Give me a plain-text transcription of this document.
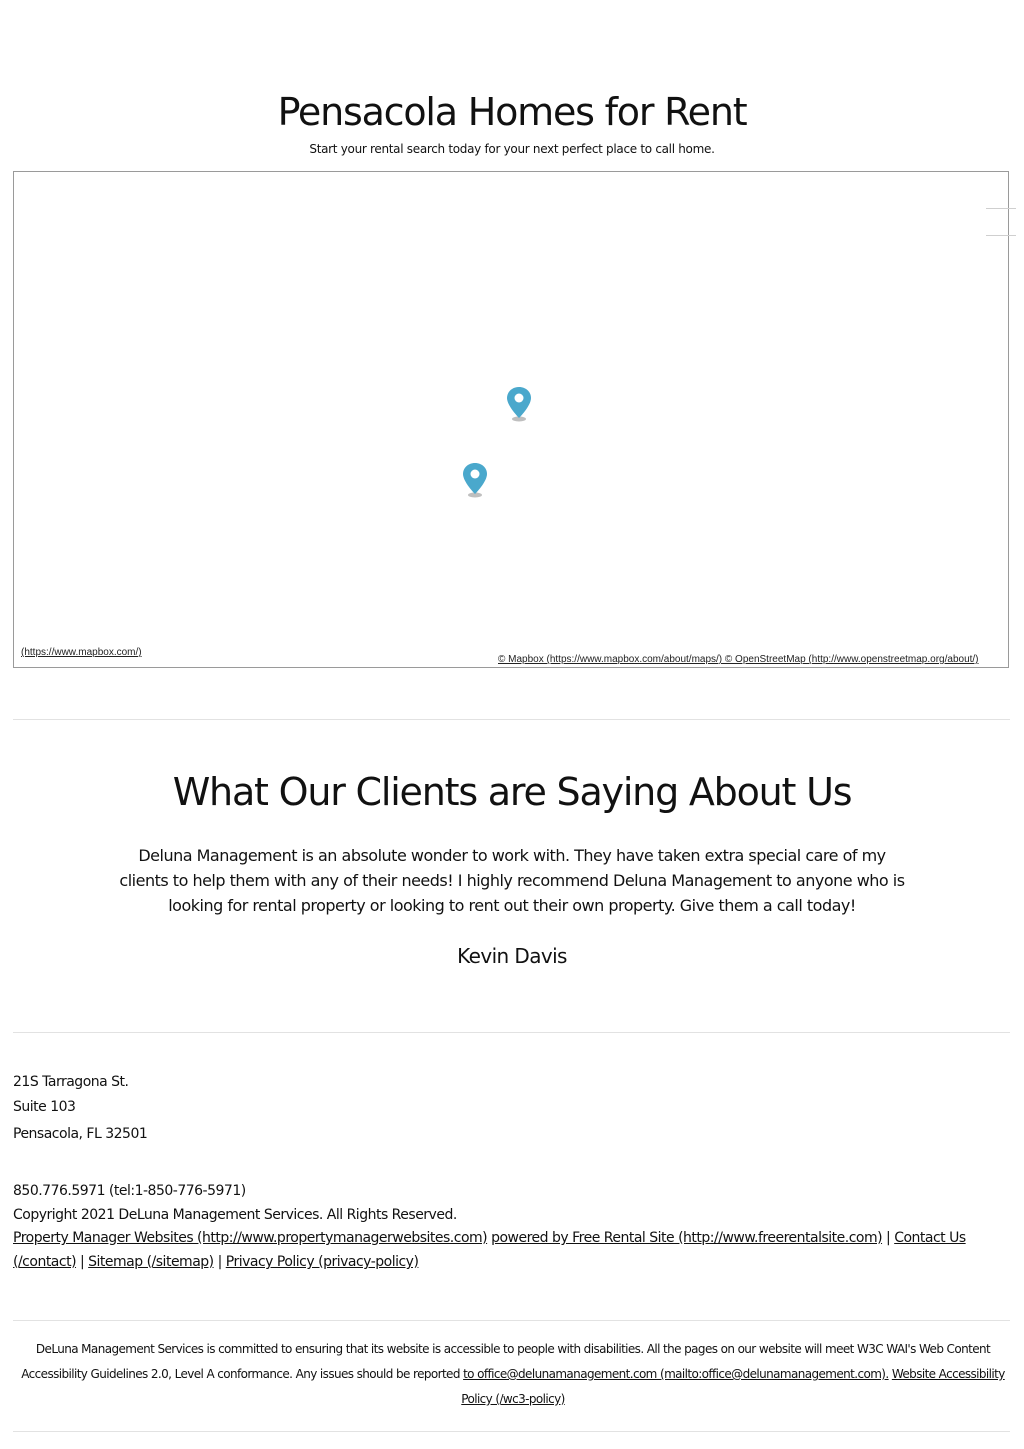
Pensacola Homes for Rent
Start your rental search today for your next perfect place to call home.
(https://www.mapbox.com/)
© Mapbox (https://www.mapbox.com/about/maps/) © OpenStreetMap (http://www.openstreetmap.org/about/)
What Our Clients are Saying About Us
Deluna Management is an absolute wonder to work with. They have taken extra special care of my clients to help them with any of their needs! I highly recommend Deluna Management to anyone who is looking for rental property or looking to rent out their own property. Give them a call today!
Kevin Davis
21S Tarragona St.
Suite 103
Pensacola, FL 32501
850.776.5971 (tel:1-850-776-5971)
Copyright 2021 DeLuna Management Services. All Rights Reserved.
Property Manager Websites (http://www.propertymanagerwebsites.com) powered by Free Rental Site (http://www.freerentalsite.com) | Contact Us (/contact) | Sitemap (/sitemap) | Privacy Policy (privacy-policy)
DeLuna Management Services is committed to ensuring that its website is accessible to people with disabilities. All the pages on our website will meet W3C WAI's Web Content Accessibility Guidelines 2.0, Level A conformance. Any issues should be reported to office@delunamanagement.com (mailto:office@delunamanagement.com). Website Accessibility Policy (/wc3-policy)
